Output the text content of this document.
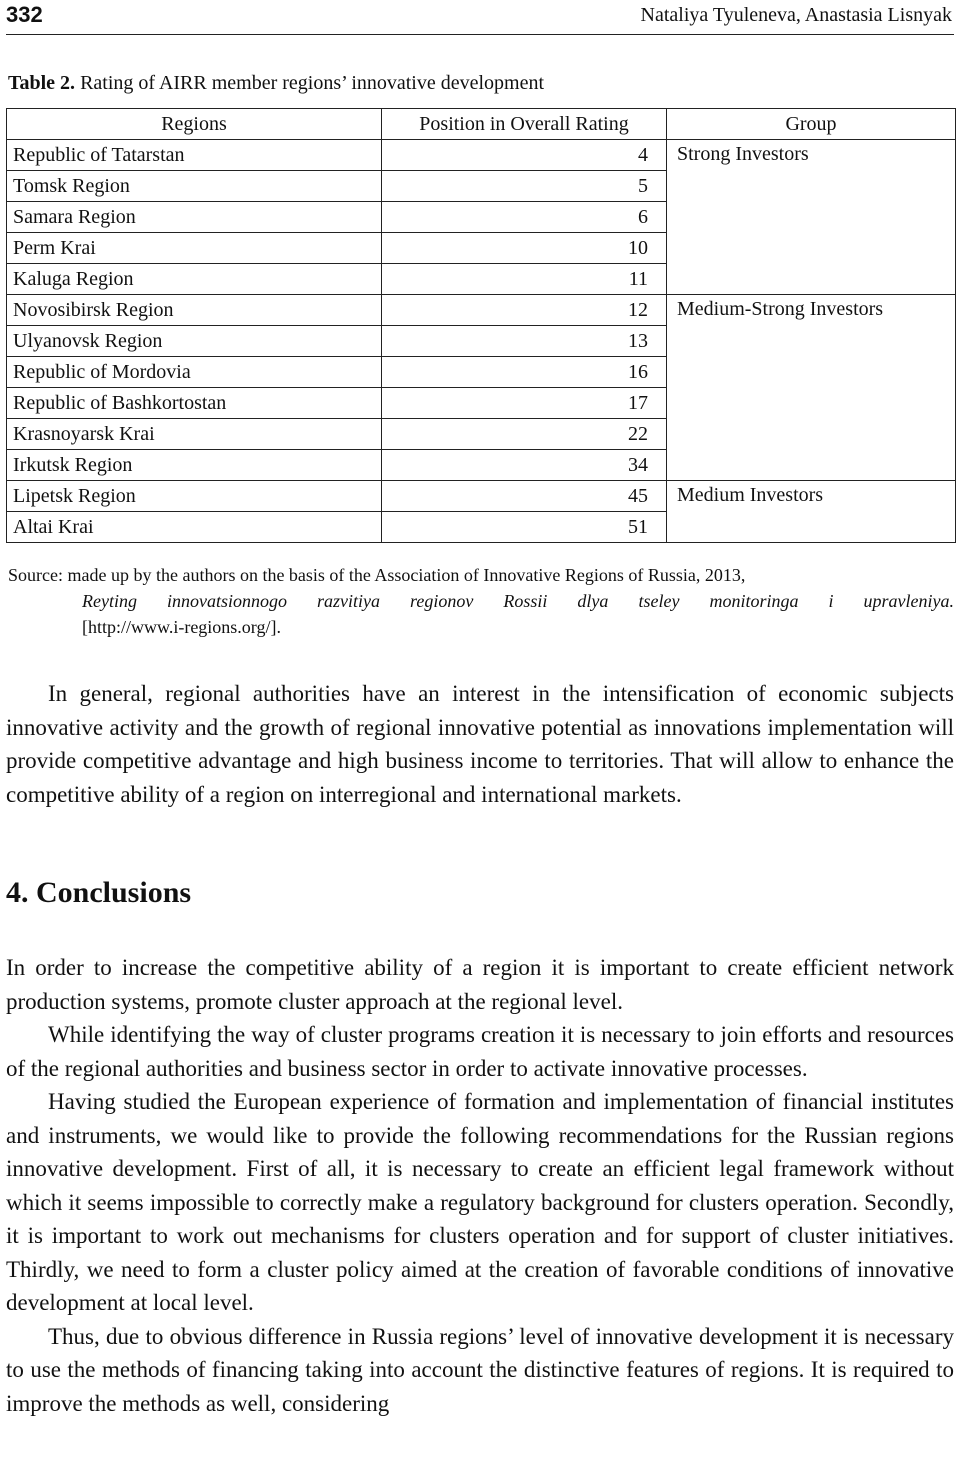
332	Nataliya Tyuleneva, Anastasia Lisnyak
Table 2. Rating of AIRR member regions’ innovative development
Regions	Position in Overall Rating	Group
Republic of Tatarstan	4	Strong Investors
Tomsk Region	5	
Samara Region	6	
Perm Krai	10	
Kaluga Region	11	
Novosibirsk Region	12	Medium-Strong Investors
Ulyanovsk Region	13	
Republic of Mordovia	16	
Republic of Bashkortostan	17	
Krasnoyarsk Krai	22	
Irkutsk Region	34	
Lipetsk Region	45	Medium Investors
Altai Krai	51	
Source: made up by the authors on the basis of the Association of Innovative Regions of Russia, 2013,
Reyting innovatsionnogo razvitiya regionov Rossii dlya tseley monitoringa i upravleniya.
[http://www.i-regions.org/].

In general, regional authorities have an interest in the intensification of economic subjects innovative activity and the growth of regional innovative potential as innovations implementation will provide competitive advantage and high business income to territories. That will allow to enhance the competitive ability of a region on interregional and international markets.

4. Conclusions

In order to increase the competitive ability of a region it is important to create efficient network production systems, promote cluster approach at the regional level.

While identifying the way of cluster programs creation it is necessary to join efforts and resources of the regional authorities and business sector in order to activate innovative processes.

Having studied the European experience of formation and implementation of financial institutes and instruments, we would like to provide the following recommendations for the Russian regions innovative development. First of all, it is necessary to create an efficient legal framework without which it seems impossible to correctly make a regulatory background for clusters operation. Secondly, it is important to work out mechanisms for clusters operation and for support of cluster initiatives. Thirdly, we need to form a cluster policy aimed at the creation of favorable conditions of innovative development at local level.

Thus, due to obvious difference in Russia regions’ level of innovative development it is necessary to use the methods of financing taking into account the distinctive features of regions. It is required to improve the methods as well, considering
